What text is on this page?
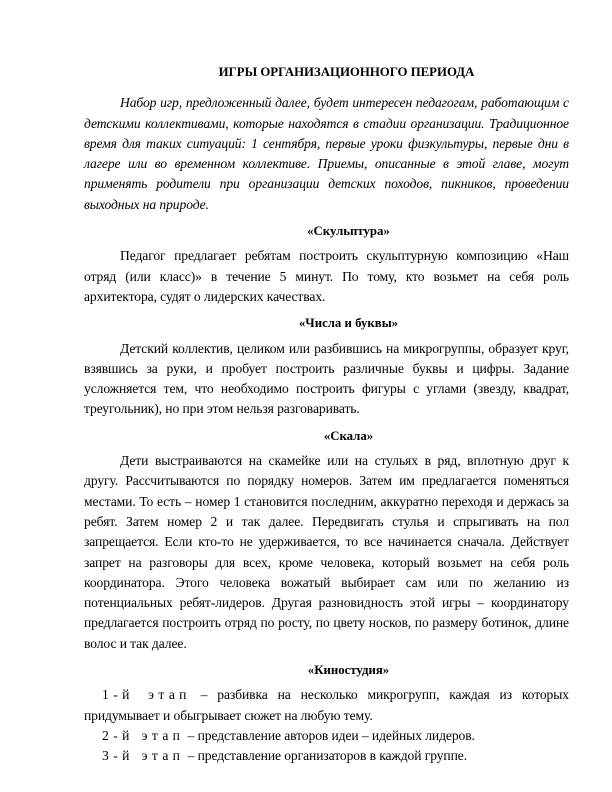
ИГРЫ ОРГАНИЗАЦИОННОГО ПЕРИОДА

Набор игр, предложенный далее, будет интересен педагогам, работающим с детскими коллективами, которые находятся в стадии организации. Традиционное время для таких ситуаций: 1 сентября, первые уроки физкультуры, первые дни в лагере или во временном коллективе. Приемы, описанные в этой главе, могут применять родители при организации детских походов, пикников, проведении выходных на природе.

«Скульптура»

Педагог предлагает ребятам построить скульптурную композицию «Наш отряд (или класс)» в течение 5 минут. По тому, кто возьмет на себя роль архитектора, судят о лидерских качествах.

«Числа и буквы»

Детский коллектив, целиком или разбившись на микрогруппы, образует круг, взявшись за руки, и пробует построить различные буквы и цифры. Задание усложняется тем, что необходимо построить фигуры с углами (звезду, квадрат, треугольник), но при этом нельзя разговаривать.

«Скала»

Дети выстраиваются на скамейке или на стульях в ряд, вплотную друг к другу. Рассчитываются по порядку номеров. Затем им предлагается поменяться местами. То есть – номер 1 становится последним, аккуратно переходя и держась за ребят. Затем номер 2 и так далее. Передвигать стулья и спрыгивать на пол запрещается. Если кто-то не удерживается, то все начинается сначала. Действует запрет на разговоры для всех, кроме человека, который возьмет на себя роль координатора. Этого человека вожатый выбирает сам или по желанию из потенциальных ребят-лидеров. Другая разновидность этой игры – координатору предлагается построить отряд по росту, по цвету носков, по размеру ботинок, длине волос и так далее.

«Киностудия»

1-й этап – разбивка на несколько микрогрупп, каждая из которых придумывает и обыгрывает сюжет на любую тему.

2-й этап – представление авторов идеи – идейных лидеров.

3-й этап – представление организаторов в каждой группе.
